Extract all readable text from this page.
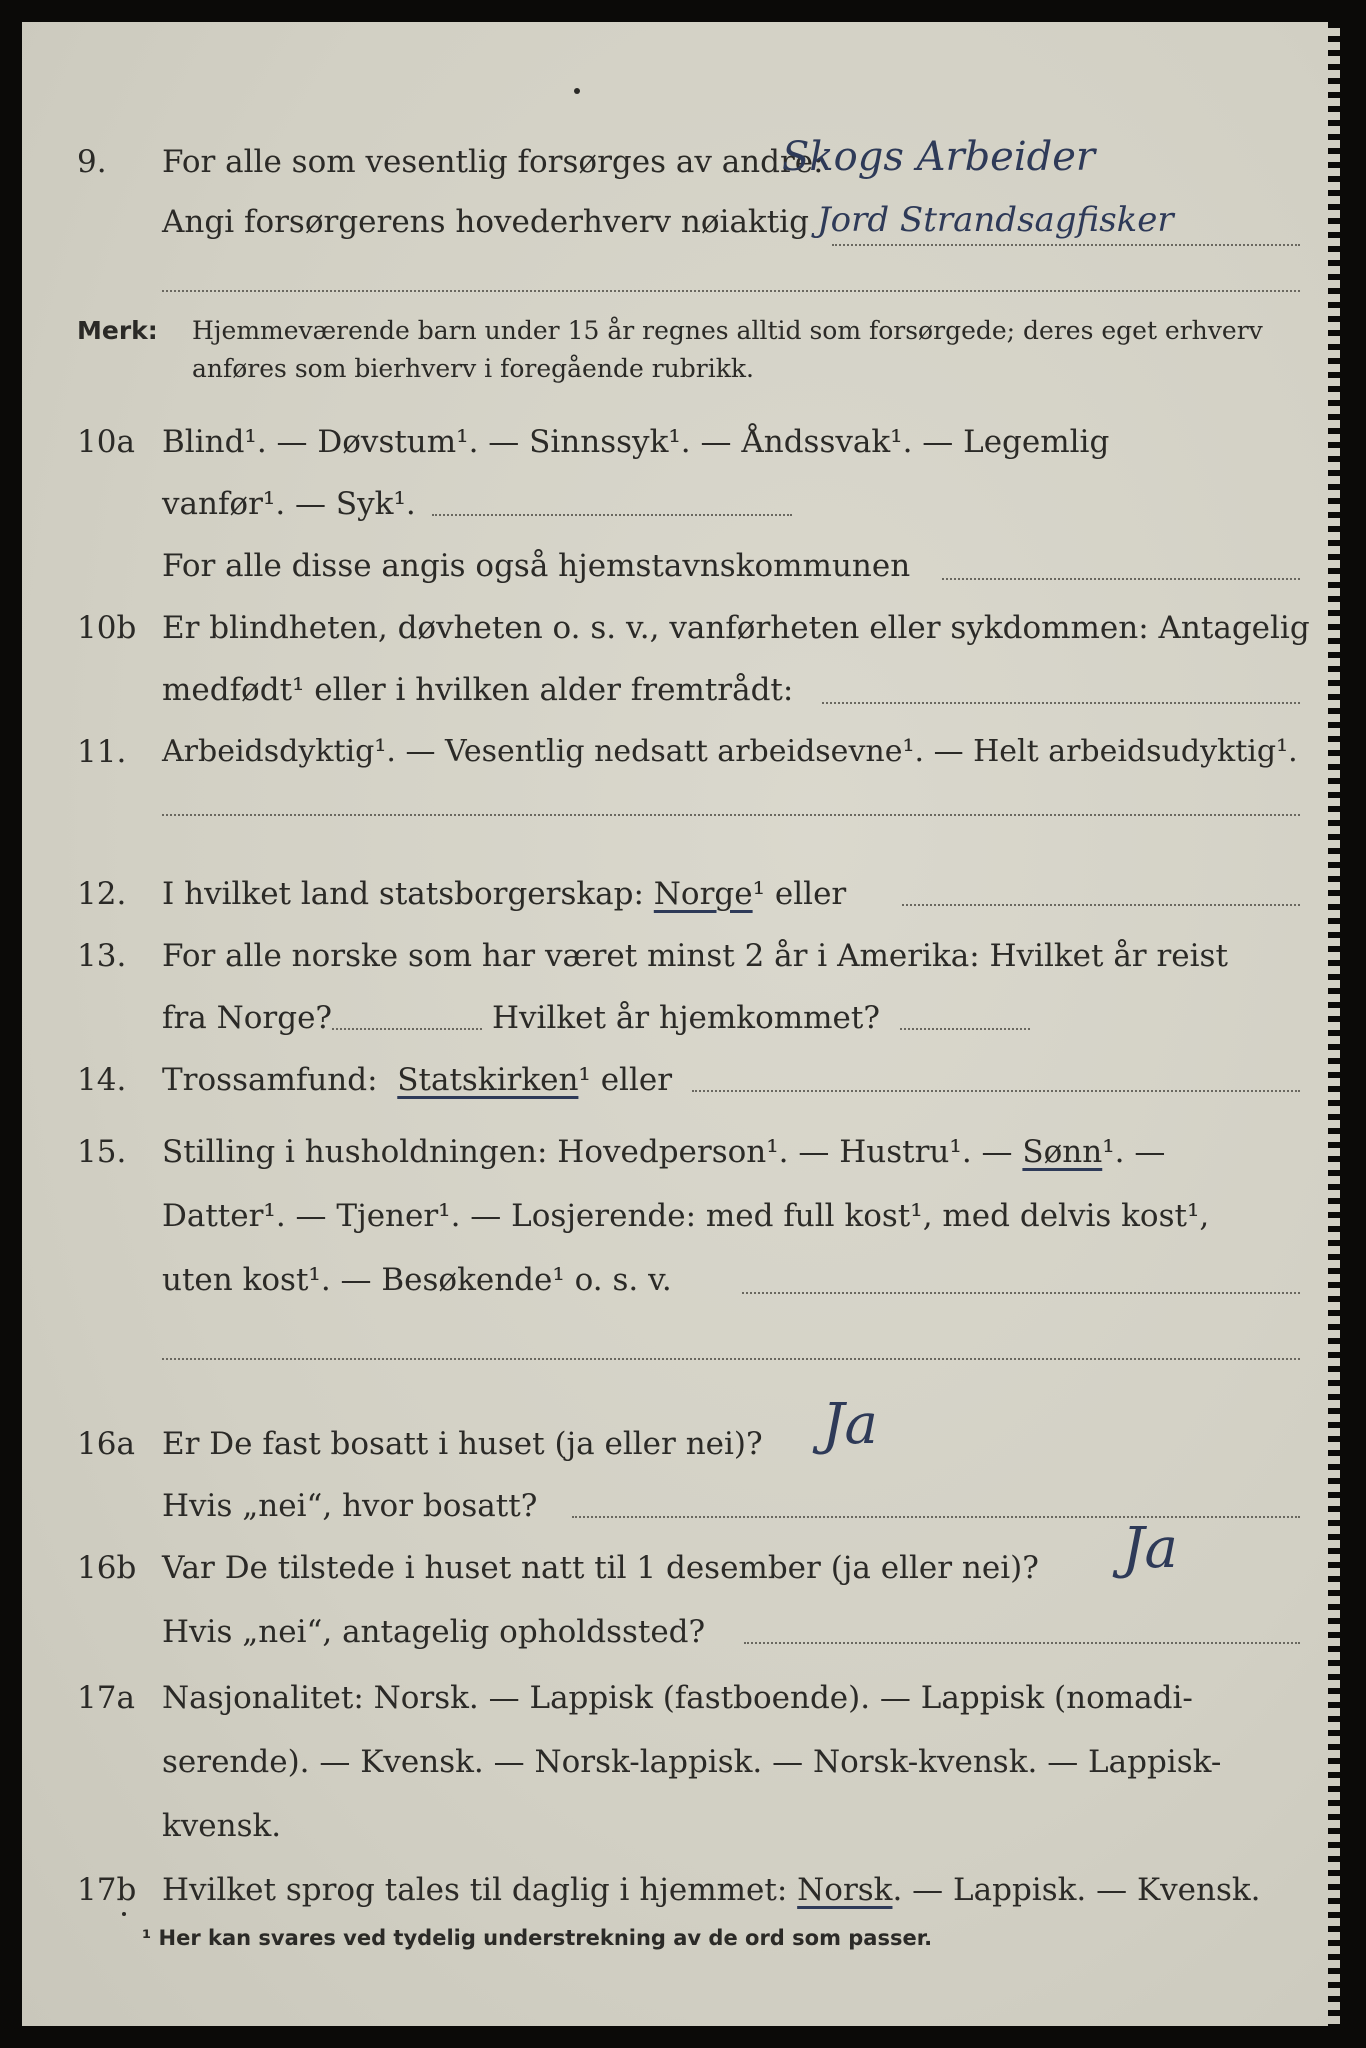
9. For alle som vesentlig forsørges av andre:
Skogs Arbeider
Angi forsørgerens hovederhverv nøiaktig Jord Strandsagfisker
Merk: Hjemmeværende barn under 15 år regnes alltid som forsørgede; deres eget erhverv
anføres som bierhverv i foregående rubrikk.
10a Blind¹. — Døvstum¹. — Sinnssyk¹. — Åndssvak¹. — Legemlig
vanfør¹. — Syk¹.
For alle disse angis også hjemstavnskommunen
10b Er blindheten, døvheten o. s. v., vanførheten eller sykdommen: Antagelig
medfødt¹ eller i hvilken alder fremtrådt:
11. Arbeidsdyktig¹. — Vesentlig nedsatt arbeidsevne¹. — Helt arbeidsudyktig¹.
12. I hvilket land statsborgerskap:
Norge ¹ eller
13. For alle norske som har været minst 2 år i Amerika: Hvilket år reist
fra Norge?	Hvilket år hjemkommet?
14. Trossamfund:
Statskirken ¹ eller
15. Stilling i husholdningen: Hovedperson¹. — Hustru¹. —
Sønn ¹. —
Datter¹. — Tjener¹. — Losjerende: med full kost¹, med delvis kost¹,
uten kost¹. — Besøkende¹ o. s. v.
16a Er De fast bosatt i huset (ja eller nei)? Ja
Hvis „nei“, hvor bosatt?
16b Var De tilstede i huset natt til 1 desember (ja eller nei)? Ja
Hvis „nei“, antagelig opholdssted?
17a Nasjonalitet: Norsk. — Lappisk (fastboende). — Lappisk (nomadi-
serende). — Kvensk. — Norsk-lappisk. — Norsk-kvensk. — Lappisk-
kvensk.
17b Hvilket sprog tales til daglig i hjemmet:
Norsk . — Lappisk. — Kvensk.
¹ Her kan svares ved tydelig understrekning av de ord som passer.
